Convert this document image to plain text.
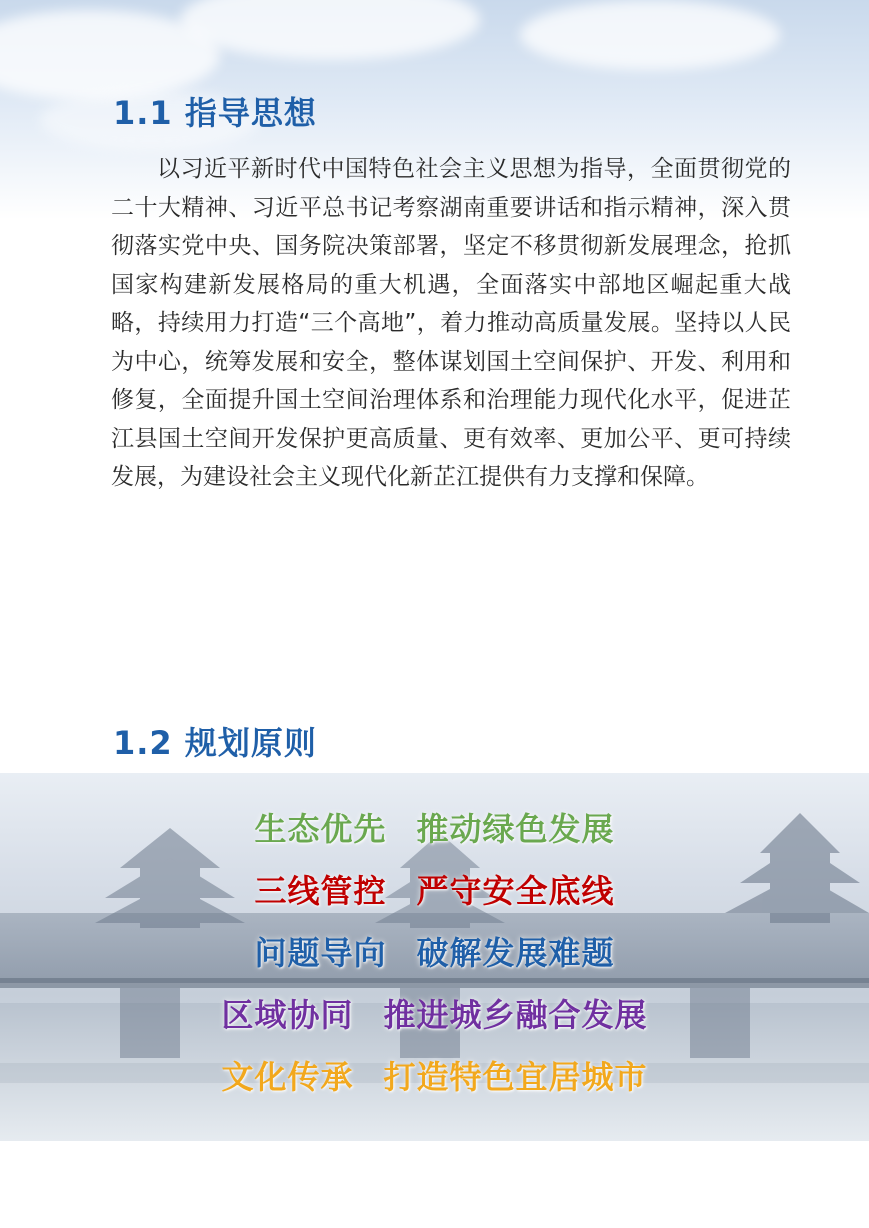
1.1 指导思想

以习近平新时代中国特色社会主义思想为指导，全面贯彻党的二十大精神、习近平总书记考察湖南重要讲话和指示精神，深入贯彻落实党中央、国务院决策部署，坚定不移贯彻新发展理念，抢抓国家构建新发展格局的重大机遇，全面落实中部地区崛起重大战略，持续用力打造“三个高地”，着力推动高质量发展。坚持以人民为中心，统筹发展和安全，整体谋划国土空间保护、开发、利用和修复，全面提升国土空间治理体系和治理能力现代化水平，促进芷江县国土空间开发保护更高质量、更有效率、更加公平、更可持续发展，为建设社会主义现代化新芷江提供有力支撑和保障。

1.2 规划原则
生态优先 推动绿色发展
三线管控 严守安全底线
问题导向 破解发展难题
区域协同 推进城乡融合发展
文化传承 打造特色宜居城市
